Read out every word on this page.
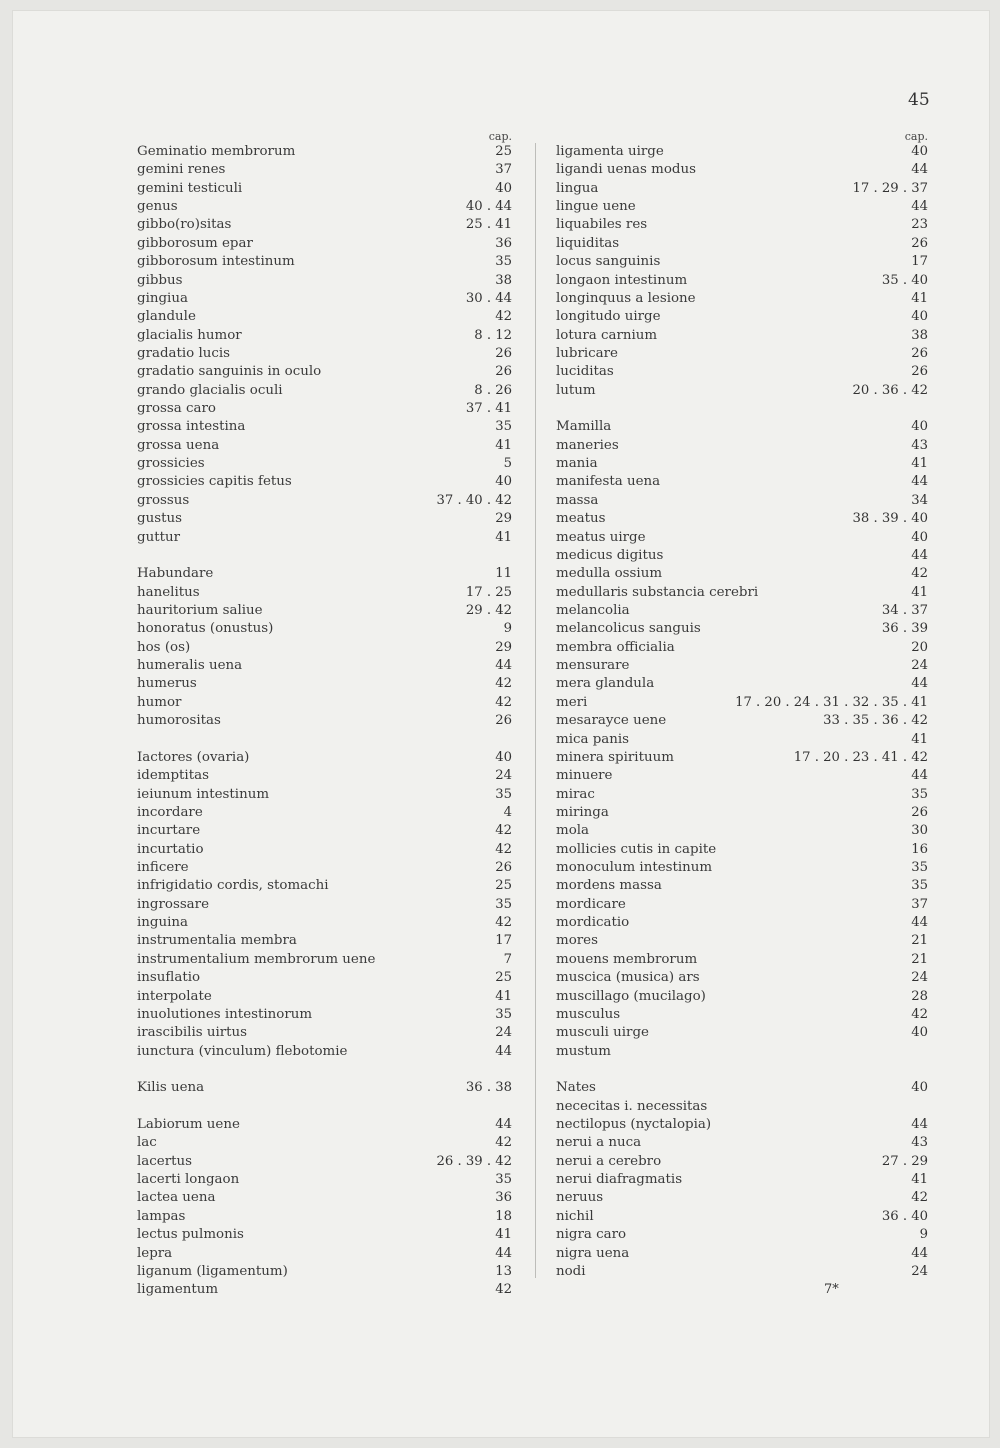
45
cap.
Geminatio membrorum	25
gemini renes	37
gemini testiculi	40
genus	40 . 44
gibbo(ro)sitas	25 . 41
gibborosum epar	36
gibborosum intestinum	35
gibbus	38
gingiua	30 . 44
glandule	42
glacialis humor	8 . 12
gradatio lucis	26
gradatio sanguinis in oculo	26
grando glacialis oculi	8 . 26
grossa caro	37 . 41
grossa intestina	35
grossa uena	41
grossicies	5
grossicies capitis fetus	40
grossus	37 . 40 . 42
gustus	29
guttur	41
Habundare	11
hanelitus	17 . 25
hauritorium saliue	29 . 42
honoratus (onustus)	9
hos (os)	29
humeralis uena	44
humerus	42
humor	42
humorositas	26
Iactores (ovaria)	40
idemptitas	24
ieiunum intestinum	35
incordare	4
incurtare	42
incurtatio	42
inficere	26
infrigidatio cordis, stomachi	25
ingrossare	35
inguina	42
instrumentalia membra	17
instrumentalium membrorum uene	7
insuflatio	25
interpolate	41
inuolutiones intestinorum	35
irascibilis uirtus	24
iunctura (vinculum) flebotomie	44
Kilis uena	36 . 38
Labiorum uene	44
lac	42
lacertus	26 . 39 . 42
lacerti longaon	35
lactea uena	36
lampas	18
lectus pulmonis	41
lepra	44
liganum (ligamentum)	13
ligamentum	42
cap.
ligamenta uirge	40
ligandi uenas modus	44
lingua	17 . 29 . 37
lingue uene	44
liquabiles res	23
liquiditas	26
locus sanguinis	17
longaon intestinum	35 . 40
longinquus a lesione	41
longitudo uirge	40
lotura carnium	38
lubricare	26
luciditas	26
lutum	20 . 36 . 42
Mamilla	40
maneries	43
mania	41
manifesta uena	44
massa	34
meatus	38 . 39 . 40
meatus uirge	40
medicus digitus	44
medulla ossium	42
medullaris substancia cerebri	41
melancolia	34 . 37
melancolicus sanguis	36 . 39
membra officialia	20
mensurare	24
mera glandula	44
meri	17 . 20 . 24 . 31 . 32 . 35 . 41
mesarayce uene	33 . 35 . 36 . 42
mica panis	41
minera spirituum	17 . 20 . 23 . 41 . 42
minuere	44
mirac	35
miringa	26
mola	30
mollicies cutis in capite	16
monoculum intestinum	35
mordens massa	35
mordicare	37
mordicatio	44
mores	21
mouens membrorum	21
muscica (musica) ars	24
muscillago (mucilago)	28
musculus	42
musculi uirge	40
mustum
Nates	40
nececitas i. necessitas
nectilopus (nyctalopia)	44
nerui a nuca	43
nerui a cerebro	27 . 29
nerui diafragmatis	41
neruus	42
nichil	36 . 40
nigra caro	9
nigra uena	44
nodi	24
7*
